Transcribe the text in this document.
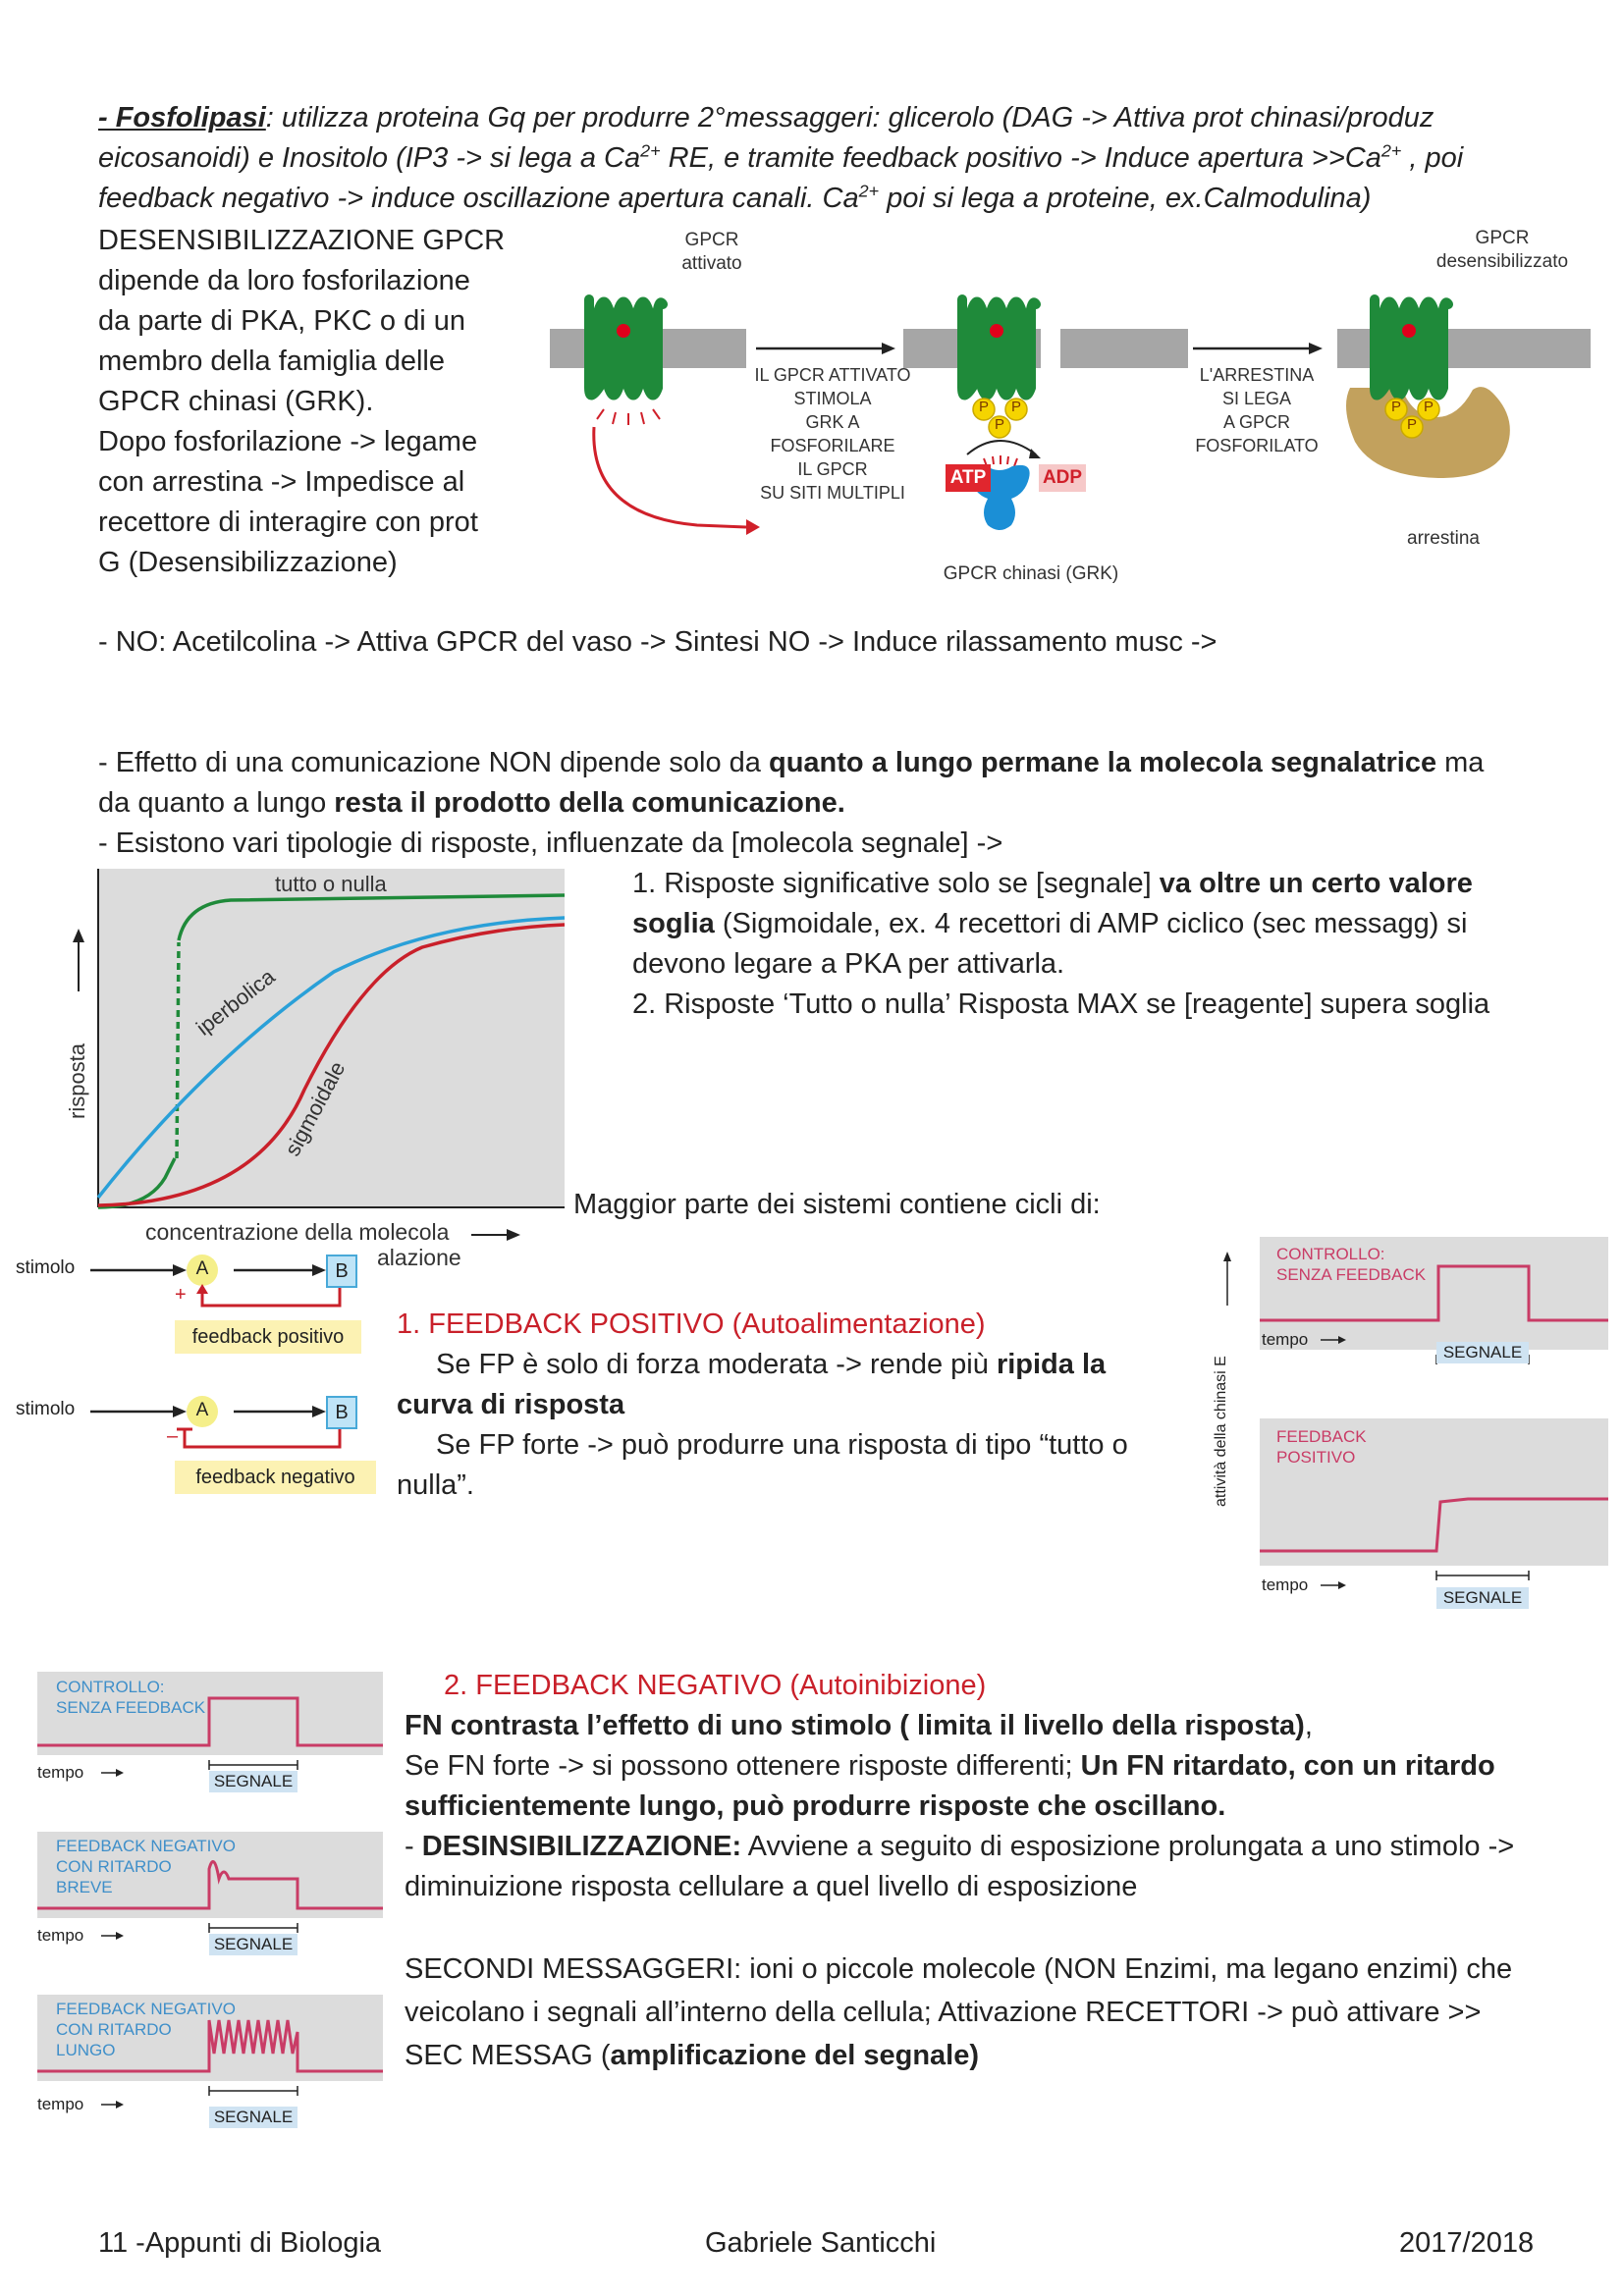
- Fosfolipasi: utilizza proteina Gq per produrre 2°messaggeri: glicerolo (DAG -> Attiva prot chinasi/produz
eicosanoidi) e Inositolo (IP3 -> si lega a $Ca^{2+}$ RE, e tramite feedback positivo -> Induce apertura $>>Ca^{2+}$ , poi
feedback negativo -> induce oscillazione apertura canali. $Ca^{2+}$ poi si lega a proteine, ex.Calmodulina)
DESENSIBILIZZAZIONE GPCR
dipende da loro fosforilazione
da parte di PKA, PKC o di un
membro della famiglia delle
GPCR chinasi (GRK).
Dopo fosforilazione -> legame
con arrestina -> Impedisce al
recettore di interagire con prot
G (Desensibilizzazione)
P P
P
P P
P
GPCR
attivato
IL GPCR ATTIVATO
STIMOLA
GRK A
FOSFORILARE
IL GPCR
SU SITI MULTIPLI
L'ARRESTINA
SI LEGA
A GPCR
FOSFORILATO
GPCR
desensibilizzato
ATP	ADP
GPCR chinasi (GRK)
arrestina
- NO: Acetilcolina -> Attiva GPCR del vaso -> Sintesi NO -> Induce rilassamento musc ->
- Effetto di una comunicazione NON dipende solo da quanto a lungo permane la molecola segnalatrice ma
da quanto a lungo resta il prodotto della comunicazione.
- Esistono vari tipologie di risposte, influenzate da [molecola segnale] ->
tutto o nulla
iperbolica
sigmoidale
risposta
concentrazione della molecola
alazione
1. Risposte significative solo se [segnale] va oltre un certo valore
soglia (Sigmoidale, ex. 4 recettori di AMP ciclico (sec messagg) si
devono legare a PKA per attivarla.
2. Risposte ‘Tutto o nulla’ Risposta MAX se [reagente] supera soglia
Maggior parte dei sistemi contiene cicli di:
stimolo	A	B
+
feedback positivo
stimolo	A	B
–
feedback negativo
1. FEEDBACK POSITIVO (Autoalimentazione)
Se FP è solo di forza moderata -> rende più ripida la
curva di risposta
Se FP forte -> può produrre una risposta di tipo “tutto o
nulla”.
CONTROLLO:
SENZA FEEDBACK
FEEDBACK
POSITIVO
tempo
tempo
SEGNALE
SEGNALE
attività della chinasi E
CONTROLLO:
SENZA FEEDBACK
FEEDBACK NEGATIVO
CON RITARDO
BREVE
FEEDBACK NEGATIVO
CON RITARDO
LUNGO
tempo
tempo
tempo
SEGNALE
SEGNALE
SEGNALE
2. FEEDBACK NEGATIVO (Autoinibizione)
FN contrasta l’effetto di uno stimolo ( limita il livello della risposta),
Se FN forte -> si possono ottenere risposte differenti; Un FN ritardato, con un ritardo
sufficientemente lungo, può produrre risposte che oscillano.
- DESINSIBILIZZAZIONE: Avviene a seguito di esposizione prolungata a uno stimolo ->
diminuizione risposta cellulare a quel livello di esposizione
SECONDI MESSAGGERI: ioni o piccole molecole (NON Enzimi, ma legano enzimi) che
veicolano i segnali all’interno della cellula; Attivazione RECETTORI -> può attivare >>
SEC MESSAG (amplificazione del segnale)
11 -Appunti di Biologia	Gabriele Santicchi	2017/2018
